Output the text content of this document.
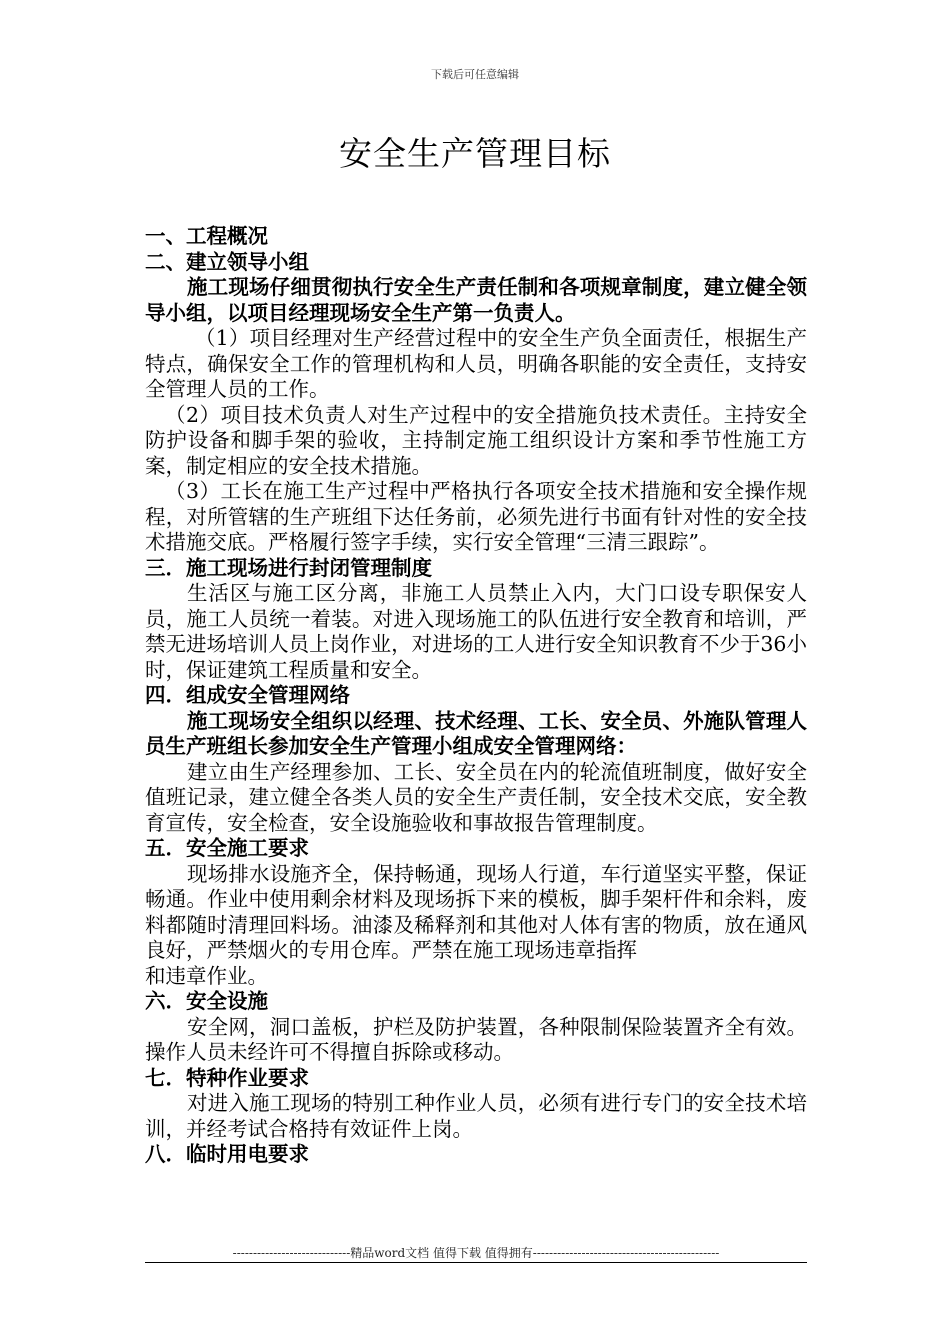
下载后可任意编辑
安全生产管理目标

一、工程概况

二、建立领导小组

施工现场仔细贯彻执行安全生产责任制和各项规章制度，建立健全领导小组，以项目经理现场安全生产第一负责人。

（1）项目经理对生产经营过程中的安全生产负全面责任，根据生产特点，确保安全工作的管理机构和人员，明确各职能的安全责任，支持安全管理人员的工作。

（2）项目技术负责人对生产过程中的安全措施负技术责任。主持安全防护设备和脚手架的验收，主持制定施工组织设计方案和季节性施工方案，制定相应的安全技术措施。

（3）工长在施工生产过程中严格执行各项安全技术措施和安全操作规程，对所管辖的生产班组下达任务前，必须先进行书面有针对性的安全技术措施交底。严格履行签字手续，实行安全管理“三清三跟踪”。

三．施工现场进行封闭管理制度

生活区与施工区分离，非施工人员禁止入内，大门口设专职保安人员，施工人员统一着装。对进入现场施工的队伍进行安全教育和培训，严禁无进场培训人员上岗作业，对进场的工人进行安全知识教育不少于36小时，保证建筑工程质量和安全。

四．组成安全管理网络

施工现场安全组织以经理、技术经理、工长、安全员、外施队管理人员生产班组长参加安全生产管理小组成安全管理网络：

建立由生产经理参加、工长、安全员在内的轮流值班制度，做好安全值班记录，建立健全各类人员的安全生产责任制，安全技术交底，安全教育宣传，安全检查，安全设施验收和事故报告管理制度。

五．安全施工要求

现场排水设施齐全，保持畅通，现场人行道，车行道坚实平整，保证畅通。作业中使用剩余材料及现场拆下来的模板，脚手架杆件和余料，废料都随时清理回料场。油漆及稀释剂和其他对人体有害的物质，放在通风良好，严禁烟火的专用仓库。严禁在施工现场违章指挥

和违章作业。

六．安全设施

安全网，洞口盖板，护栏及防护装置，各种限制保险装置齐全有效。操作人员未经许可不得擅自拆除或移动。

七．特种作业要求

对进入施工现场的特别工种作业人员，必须有进行专门的安全技术培训，并经考试合格持有效证件上岗。

八．临时用电要求

-----------------------------精品word文档 值得下载 值得拥有----------------------------------------------
